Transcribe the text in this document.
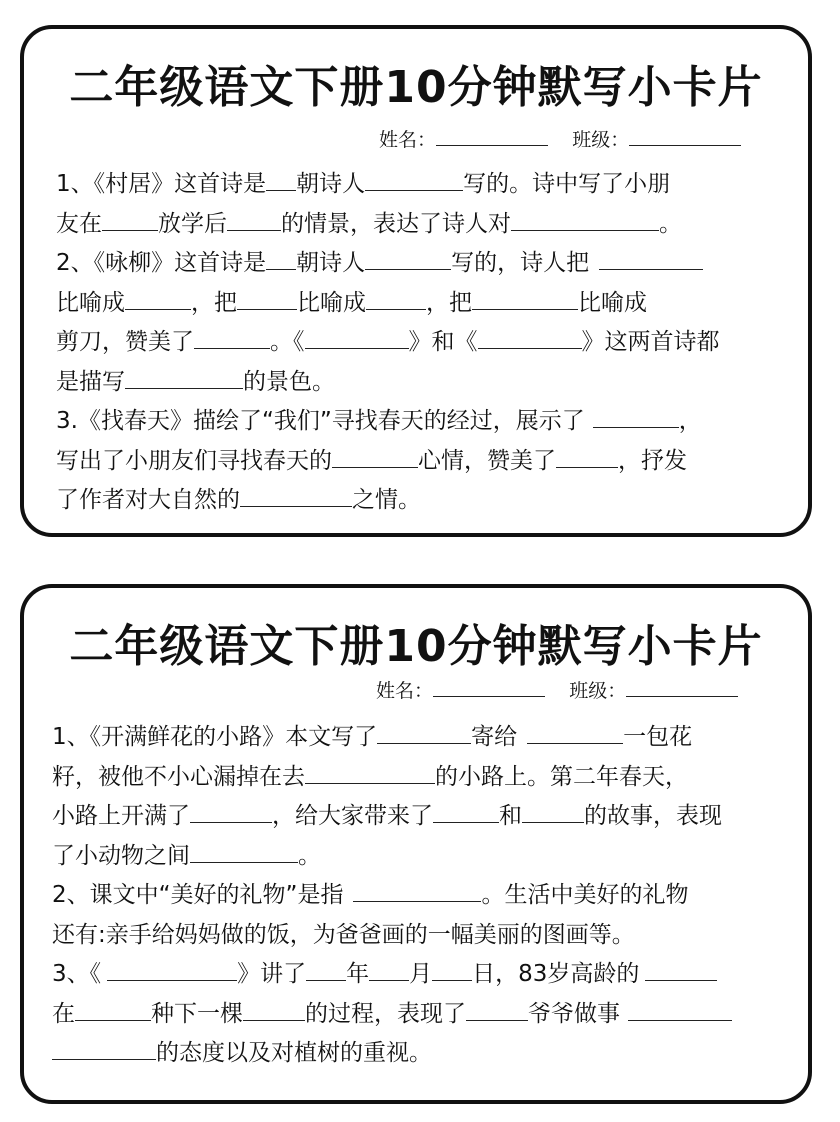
二年级语文下册10分钟默写小卡片
姓名：	班级：
1、《村居》这首诗是 朝诗人	写的。诗中写了小朋
友在 放学后 的情景，表达了诗人对	。
2、《咏柳》这首诗是 朝诗人	写的，诗人把
比喻成	，把	比喻成	，把	比喻成
剪刀，赞美了	。《	》和《	》这两首诗都
是描写	的景色。
3.《找春天》描绘了“我们”寻找春天的经过，展示了	，
写出了小朋友们寻找春天的	心情，赞美了	，抒发
了作者对大自然的	之情。
二年级语文下册10分钟默写小卡片
姓名：	班级：
1、《开满鲜花的小路》本文写了	寄给	一包花
籽，被他不小心漏掉在去	的小路上。第二年春天，
小路上开满了	，给大家带来了	和	的故事，表现
了小动物之间	。
2、课文中“美好的礼物”是指	。生活中美好的礼物
还有:亲手给妈妈做的饭，为爸爸画的一幅美丽的图画等。
3、《	》讲了 年 月 日，83岁高龄的
在	种下一棵	的过程，表现了	爷爷做事
的态度以及对植树的重视。
